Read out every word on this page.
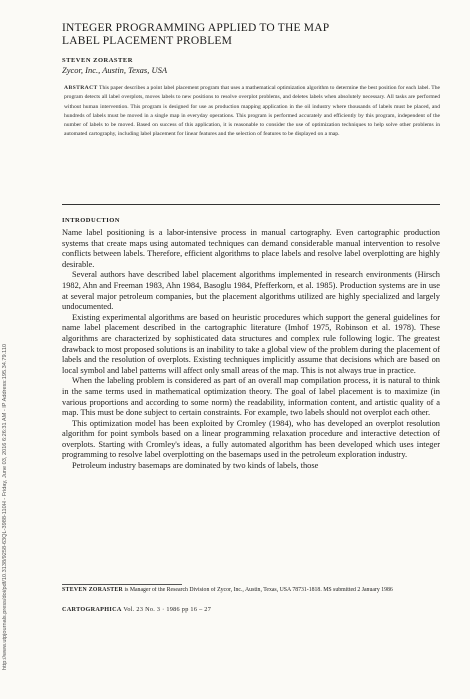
http://www.utpjournals.press/doi/pdf/10.3138/9258-63QL-3988-110H - Friday, June 03, 2016 6:26:31 AM - IP Address:195.34.79.110
INTEGER PROGRAMMING APPLIED TO THE MAP LABEL PLACEMENT PROBLEM
STEVEN ZORASTER
Zycor, Inc., Austin, Texas, USA
ABSTRACT This paper describes a point label placement program that uses a mathematical optimization algorithm to determine the best position for each label. The program detects all label overplots, moves labels to new positions to resolve overplot problems, and deletes labels when absolutely necessary. All tasks are performed without human intervention. This program is designed for use as production mapping application in the oil industry where thousands of labels must be placed, and hundreds of labels must be moved in a single map in everyday operations. This program is performed accurately and efficiently by this program, independent of the number of labels to be moved. Based on success of this application, it is reasonable to consider the use of optimization techniques to help solve other problems in automated cartography, including label placement for linear features and the selection of features to be displayed on a map.
INTRODUCTION

Name label positioning is a labor-intensive process in manual cartography. Even cartographic production systems that create maps using automated techniques can demand considerable manual intervention to resolve conflicts between labels. Therefore, efficient algorithms to place labels and resolve label overplotting are highly desirable.

Several authors have described label placement algorithms implemented in research environments (Hirsch 1982, Ahn and Freeman 1983, Ahn 1984, Basoglu 1984, Pfefferkorn, et al. 1985). Production systems are in use at several major petroleum companies, but the placement algorithms utilized are highly specialized and largely undocumented.

Existing experimental algorithms are based on heuristic procedures which support the general guidelines for name label placement described in the cartographic literature (Imhof 1975, Robinson et al. 1978). These algorithms are characterized by sophisticated data structures and complex rule following logic. The greatest drawback to most proposed solutions is an inability to take a global view of the problem during the placement of labels and the resolution of overplots. Existing techniques implicitly assume that decisions which are based on local symbol and label patterns will affect only small areas of the map. This is not always true in practice.

When the labeling problem is considered as part of an overall map compilation process, it is natural to think in the same terms used in mathematical optimization theory. The goal of label placement is to maximize (in various proportions and according to some norm) the readability, information content, and artistic quality of a map. This must be done subject to certain constraints. For example, two labels should not overplot each other.

This optimization model has been exploited by Cromley (1984), who has developed an overplot resolution algorithm for point symbols based on a linear programming relaxation procedure and interactive detection of overplots. Starting with Cromley's ideas, a fully automated algorithm has been developed which uses integer programming to resolve label overplotting on the basemaps used in the petroleum exploration industry.

Petroleum industry basemaps are dominated by two kinds of labels, those

STEVEN ZORASTER is Manager of the Research Division of Zycor, Inc., Austin, Texas, USA 78731-1818. MS submitted 2 January 1986
CARTOGRAPHICA Vol. 23 No. 3 · 1986 pp 16 – 27
